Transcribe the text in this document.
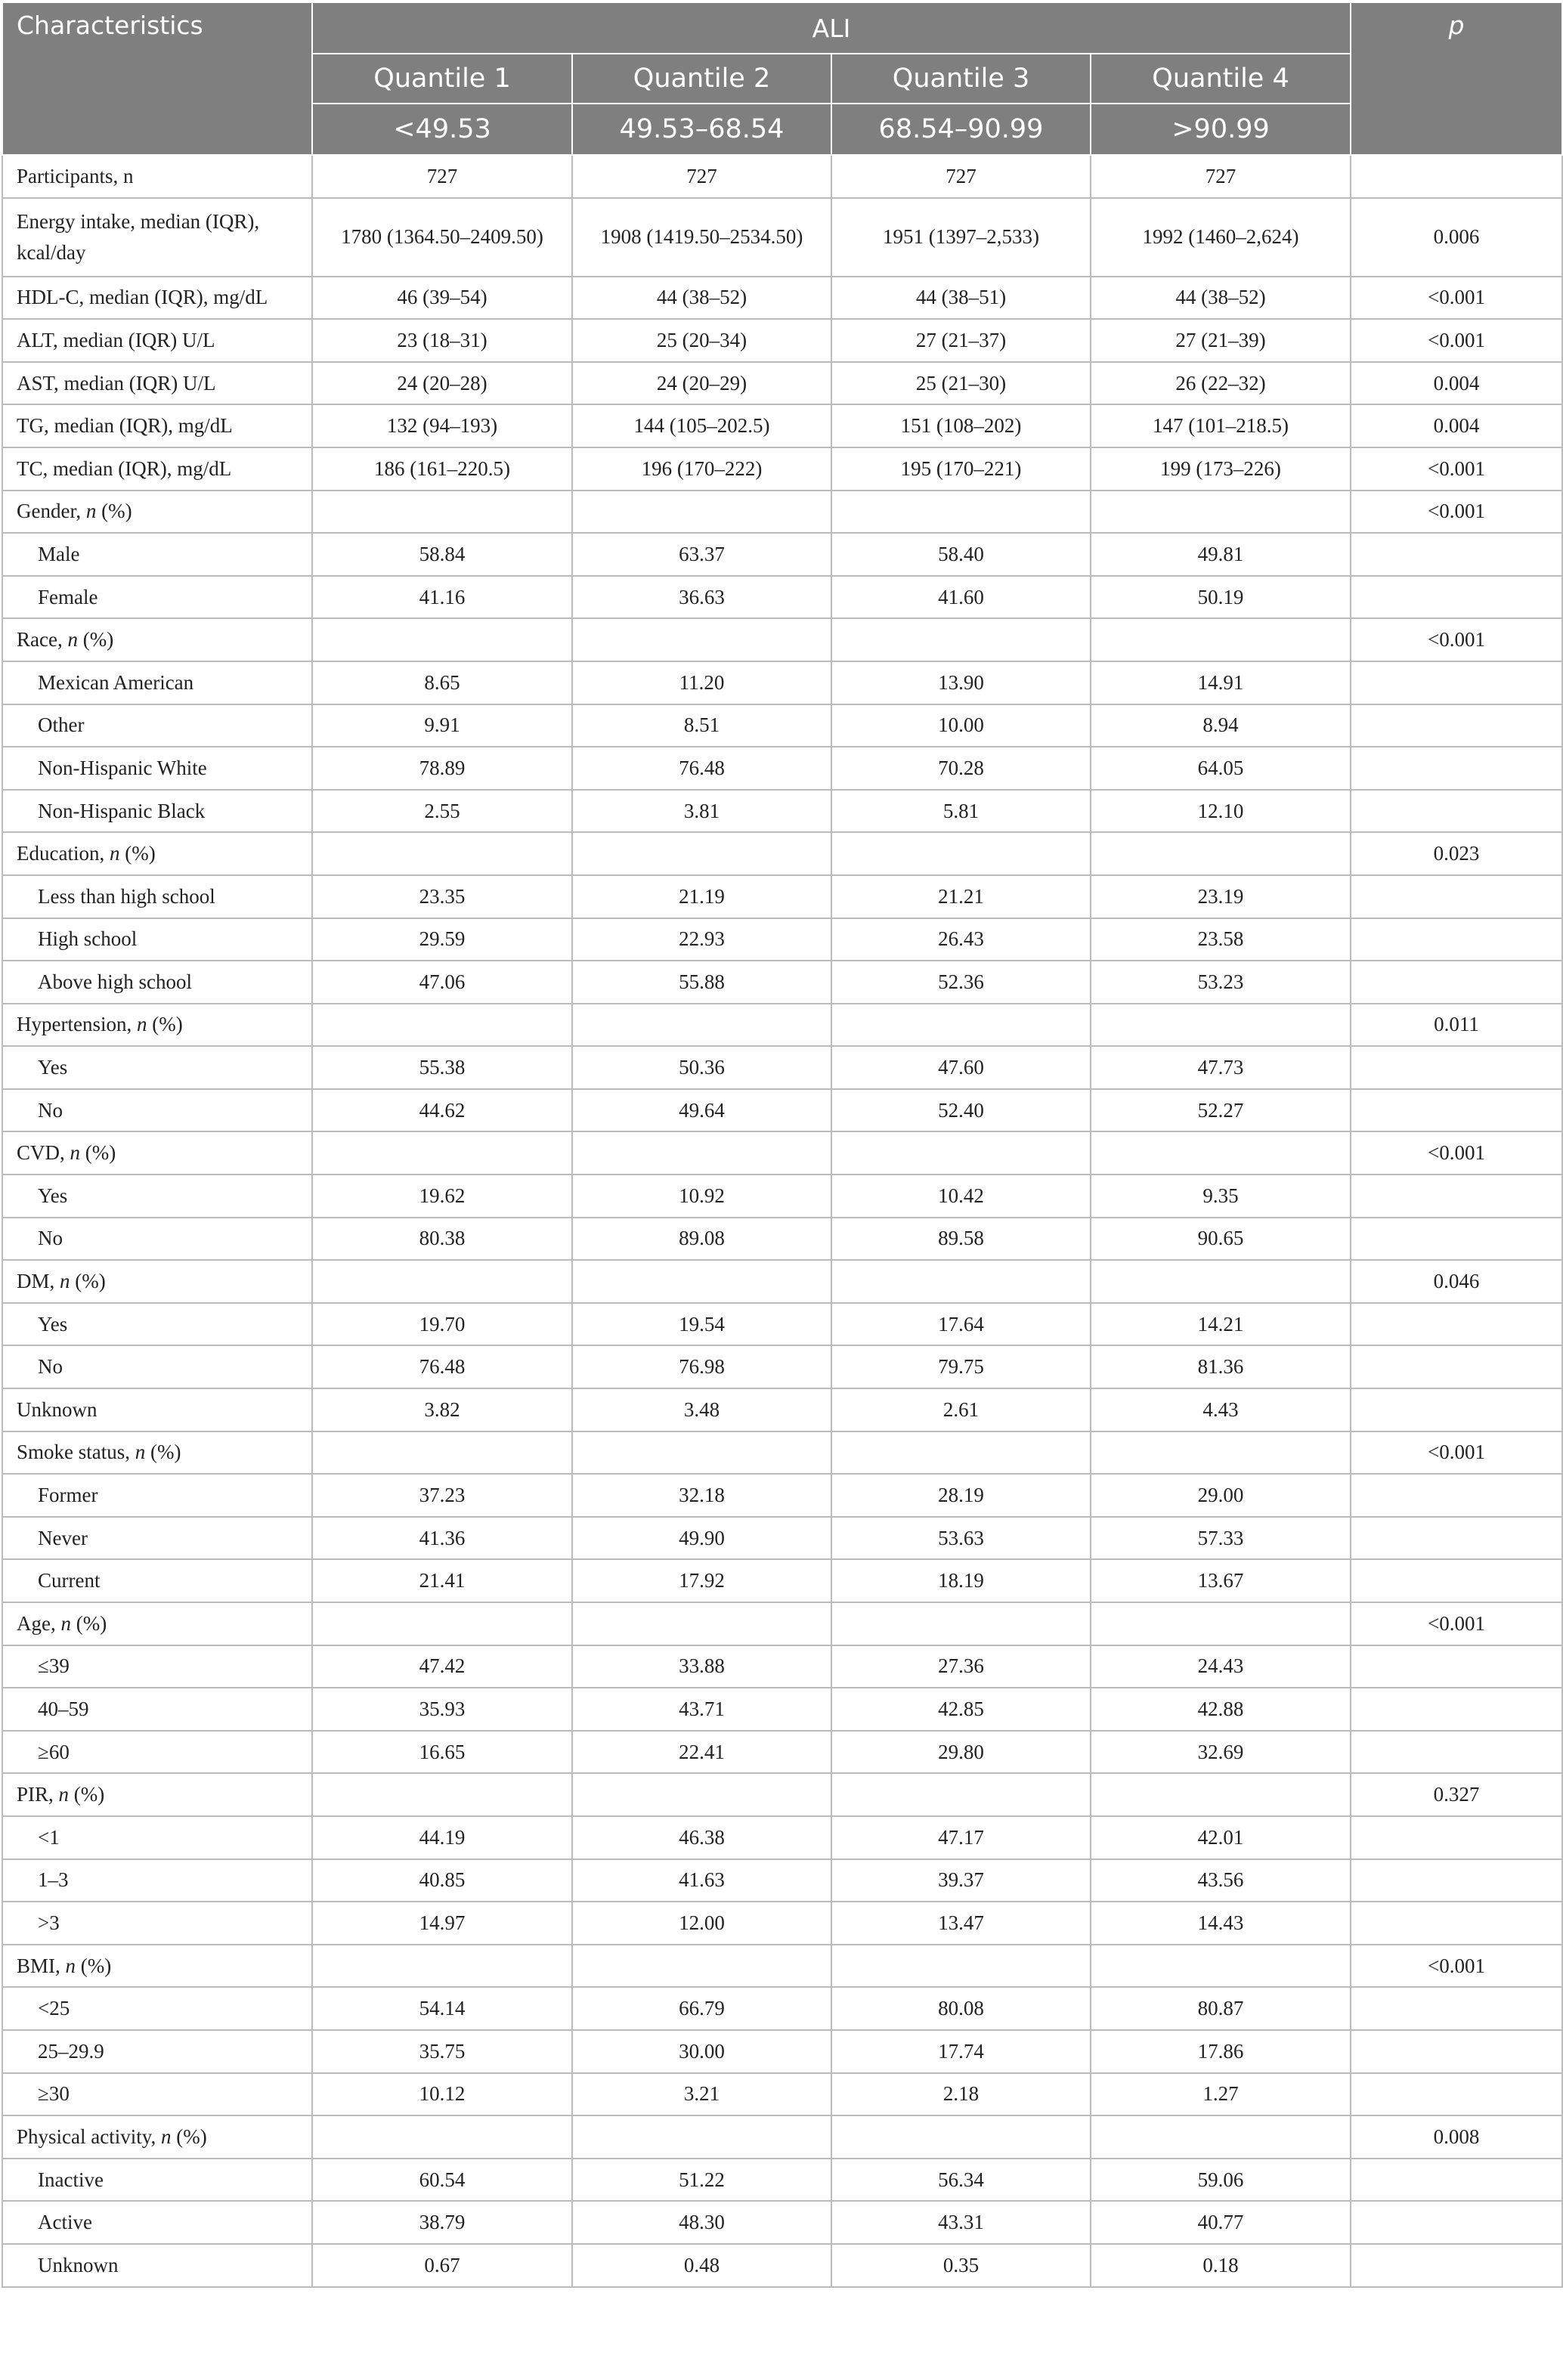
Characteristics	ALI				p
	Quantile 1	Quantile 2	Quantile 3	Quantile 4	
	<49.53	49.53–68.54	68.54–90.99	>90.99	
Participants, n	727	727	727	727	
Energy intake, median (IQR), kcal/day	1780 (1364.50–2409.50)	1908 (1419.50–2534.50)	1951 (1397–2,533)	1992 (1460–2,624)	0.006
HDL-C, median (IQR), mg/dL	46 (39–54)	44 (38–52)	44 (38–51)	44 (38–52)	<0.001
ALT, median (IQR) U/L	23 (18–31)	25 (20–34)	27 (21–37)	27 (21–39)	<0.001
AST, median (IQR) U/L	24 (20–28)	24 (20–29)	25 (21–30)	26 (22–32)	0.004
TG, median (IQR), mg/dL	132 (94–193)	144 (105–202.5)	151 (108–202)	147 (101–218.5)	0.004
TC, median (IQR), mg/dL	186 (161–220.5)	196 (170–222)	195 (170–221)	199 (173–226)	<0.001
Gender, n (%)					<0.001
Male	58.84	63.37	58.40	49.81	
Female	41.16	36.63	41.60	50.19	
Race, n (%)					<0.001
Mexican American	8.65	11.20	13.90	14.91	
Other	9.91	8.51	10.00	8.94	
Non-Hispanic White	78.89	76.48	70.28	64.05	
Non-Hispanic Black	2.55	3.81	5.81	12.10	
Education, n (%)					0.023
Less than high school	23.35	21.19	21.21	23.19	
High school	29.59	22.93	26.43	23.58	
Above high school	47.06	55.88	52.36	53.23	
Hypertension, n (%)					0.011
Yes	55.38	50.36	47.60	47.73	
No	44.62	49.64	52.40	52.27	
CVD, n (%)					<0.001
Yes	19.62	10.92	10.42	9.35	
No	80.38	89.08	89.58	90.65	
DM, n (%)					0.046
Yes	19.70	19.54	17.64	14.21	
No	76.48	76.98	79.75	81.36	
Unknown	3.82	3.48	2.61	4.43	
Smoke status, n (%)					<0.001
Former	37.23	32.18	28.19	29.00	
Never	41.36	49.90	53.63	57.33	
Current	21.41	17.92	18.19	13.67	
Age, n (%)					<0.001
≤39	47.42	33.88	27.36	24.43	
40–59	35.93	43.71	42.85	42.88	
≥60	16.65	22.41	29.80	32.69	
PIR, n (%)					0.327
<1	44.19	46.38	47.17	42.01	
1–3	40.85	41.63	39.37	43.56	
>3	14.97	12.00	13.47	14.43	
BMI, n (%)					<0.001
<25	54.14	66.79	80.08	80.87	
25–29.9	35.75	30.00	17.74	17.86	
≥30	10.12	3.21	2.18	1.27	
Physical activity, n (%)					0.008
Inactive	60.54	51.22	56.34	59.06	
Active	38.79	48.30	43.31	40.77	
Unknown	0.67	0.48	0.35	0.18	
